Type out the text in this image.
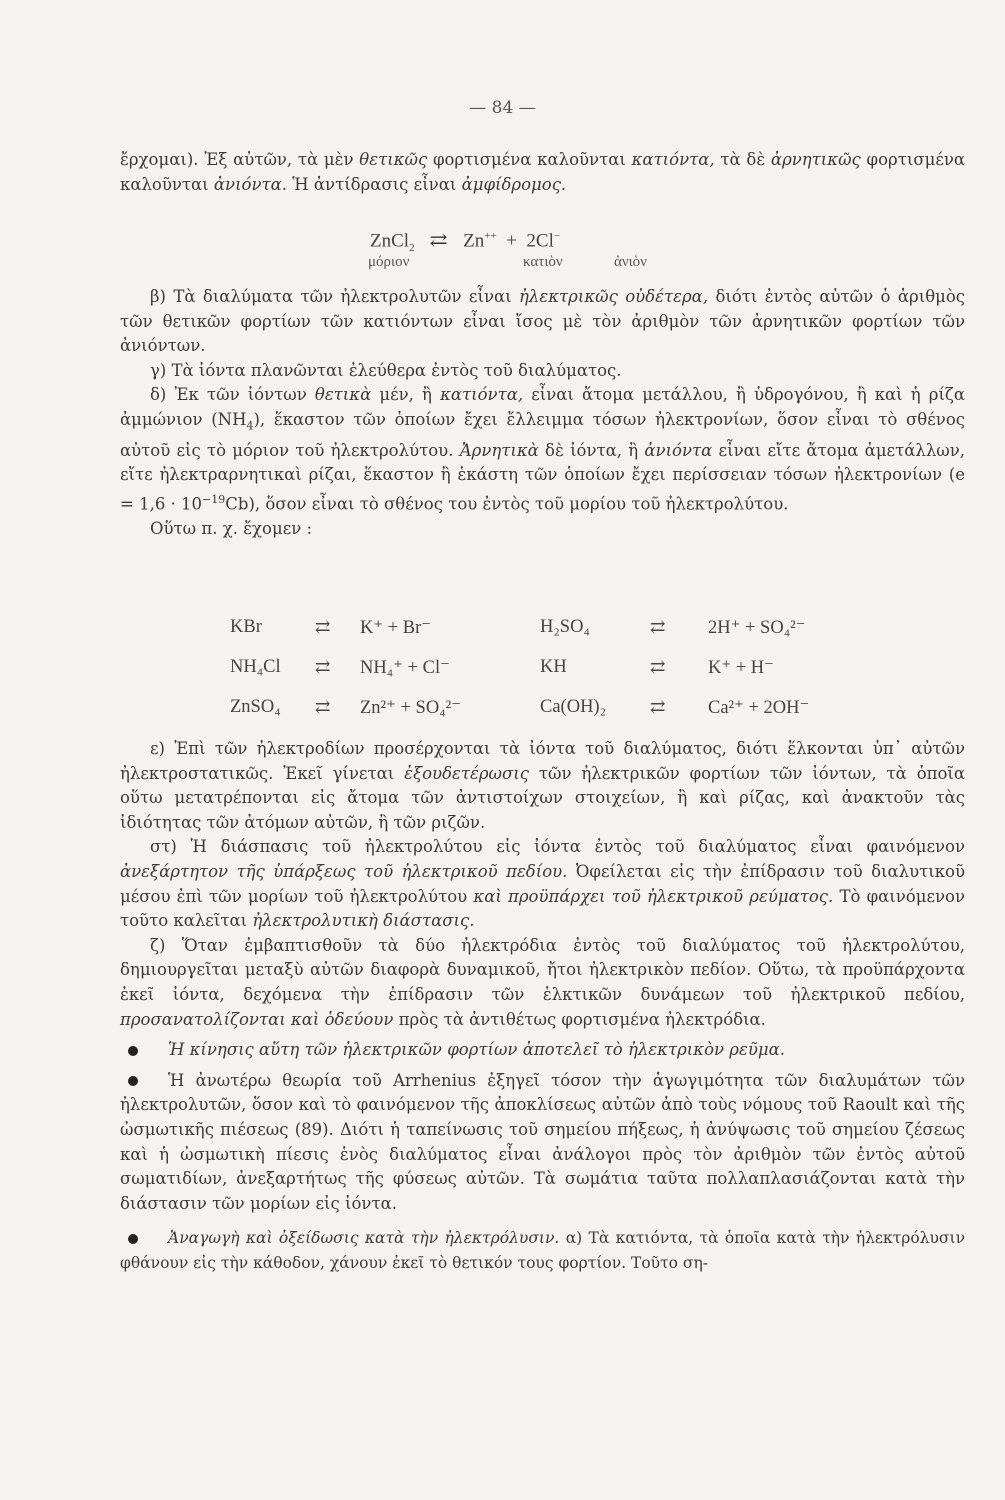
— 84 —

ἔρχομαι). Ἐξ αὐτῶν, τὰ μὲν θετικῶς φορτισμένα καλοῦνται κατιόντα, τὰ δὲ ἀρνητικῶς φορτισμένα καλοῦνται ἀνιόντα. Ἡ ἀντίδρασις εἶναι ἀμφίδρομος.

ZnCl$_2$ ⇄ Zn++ + 2Cl−
μόριον	κατιὸν	ἀνιὸν

β) Τὰ διαλύματα τῶν ἠλεκτρολυτῶν εἶναι ἠλεκτρικῶς οὐδέτερα, διότι ἐντὸς αὐτῶν ὁ ἀριθμὸς τῶν θετικῶν φορτίων τῶν κατιόντων εἶναι ἴσος μὲ τὸν ἀριθμὸν τῶν ἀρνητικῶν φορτίων τῶν ἀνιόντων.

γ) Τὰ ἰόντα πλανῶνται ἐλεύθερα ἐντὸς τοῦ διαλύματος.

δ) Ἐκ τῶν ἰόντων θετικὰ μέν, ἢ κατιόντα, εἶναι ἄτομα μετάλλου, ἢ ὑδρογόνου, ἢ καὶ ἡ ρίζα ἀμμώνιον $(NH_4)$, ἕκαστον τῶν ὁποίων ἔχει ἔλλειμμα τόσων ἠλεκτρονίων, ὅσον εἶναι τὸ σθένος αὐτοῦ εἰς τὸ μόριον τοῦ ἠλεκτρολύτου. Ἀρνητικὰ δὲ ἰόντα, ἢ ἀνιόντα εἶναι εἴτε ἄτομα ἀμετάλλων, εἴτε ἠλεκτραρνητικαὶ ρίζαι, ἕκαστον ἢ ἑκάστη τῶν ὁποίων ἔχει περίσσειαν τόσων ἠλεκτρονίων $(e = 1,6 \cdot 10^{-19}Cb)$, ὅσον εἶναι τὸ σθένος του ἐντὸς τοῦ μορίου τοῦ ἠλεκτρολύτου.

Οὕτω π. χ. ἔχομεν :

KBr	⇄ K⁺ + Br⁻	H₂SO₄	⇄ 2H⁺ + SO₄²⁻
NH₄Cl ⇄ NH₄⁺ + Cl⁻	KH	⇄ K⁺ + H⁻
ZnSO₄ ⇄ Zn²⁺ + SO₄²⁻	Ca(OH)₂ ⇄ Ca²⁺ + 2OH⁻

ε) Ἐπὶ τῶν ἠλεκτροδίων προσέρχονται τὰ ἰόντα τοῦ διαλύματος, διότι ἕλκονται ὑπ᾽ αὐτῶν ἠλεκτροστατικῶς. Ἐκεῖ γίνεται ἐξουδετέρωσις τῶν ἠλεκτρικῶν φορτίων τῶν ἰόντων, τὰ ὁποῖα οὕτω μετατρέπονται εἰς ἄτομα τῶν ἀντιστοίχων στοιχείων, ἢ καὶ ρίζας, καὶ ἀνακτοῦν τὰς ἰδιότητας τῶν ἀτόμων αὐτῶν, ἢ τῶν ριζῶν.

στ) Ἡ διάσπασις τοῦ ἠλεκτρολύτου εἰς ἰόντα ἐντὸς τοῦ διαλύματος εἶναι φαινόμενον ἀνεξάρτητον τῆς ὑπάρξεως τοῦ ἠλεκτρικοῦ πεδίου. Ὀφείλεται εἰς τὴν ἐπίδρασιν τοῦ διαλυτικοῦ μέσου ἐπὶ τῶν μορίων τοῦ ἠλεκτρολύτου καὶ προϋπάρχει τοῦ ἠλεκτρικοῦ ρεύματος. Τὸ φαινόμενον τοῦτο καλεῖται ἠλεκτρολυτικὴ διάστασις.

ζ) Ὅταν ἐμβαπτισθοῦν τὰ δύο ἠλεκτρόδια ἐντὸς τοῦ διαλύματος τοῦ ἠλεκτρολύτου, δημιουργεῖται μεταξὺ αὐτῶν διαφορὰ δυναμικοῦ, ἤτοι ἠλεκτρικὸν πεδίον. Οὕτω, τὰ προϋπάρχοντα ἐκεῖ ἰόντα, δεχόμενα τὴν ἐπίδρασιν τῶν ἑλκτικῶν δυνάμεων τοῦ ἠλεκτρικοῦ πεδίου, προσανατολίζονται καὶ ὁδεύουν πρὸς τὰ ἀντιθέτως φορτισμένα ἠλεκτρόδια.

Ἡ κίνησις αὕτη τῶν ἠλεκτρικῶν φορτίων ἀποτελεῖ τὸ ἠλεκτρικὸν ρεῦμα.

Ἡ ἀνωτέρω θεωρία τοῦ Arrhenius ἐξηγεῖ τόσον τὴν ἀγωγιμότητα τῶν διαλυμάτων τῶν ἠλεκτρολυτῶν, ὅσον καὶ τὸ φαινόμενον τῆς ἀποκλίσεως αὐτῶν ἀπὸ τοὺς νόμους τοῦ Raoult καὶ τῆς ὠσμωτικῆς πιέσεως (89). Διότι ἡ ταπείνωσις τοῦ σημείου πήξεως, ἡ ἀνύψωσις τοῦ σημείου ζέσεως καὶ ἡ ὠσμωτικὴ πίεσις ἑνὸς διαλύματος εἶναι ἀνάλογοι πρὸς τὸν ἀριθμὸν τῶν ἐντὸς αὐτοῦ σωματιδίων, ἀνεξαρτήτως τῆς φύσεως αὐτῶν. Τὰ σωμάτια ταῦτα πολλαπλασιάζονται κατὰ τὴν διάστασιν τῶν μορίων εἰς ἰόντα.

Ἀναγωγὴ καὶ ὀξείδωσις κατὰ τὴν ἠλεκτρόλυσιν. α) Τὰ κατιόντα, τὰ ὁποῖα κατὰ τὴν ἠλεκτρόλυσιν φθάνουν εἰς τὴν κάθοδον, χάνουν ἐκεῖ τὸ θετικόν τους φορτίον. Τοῦτο ση-
